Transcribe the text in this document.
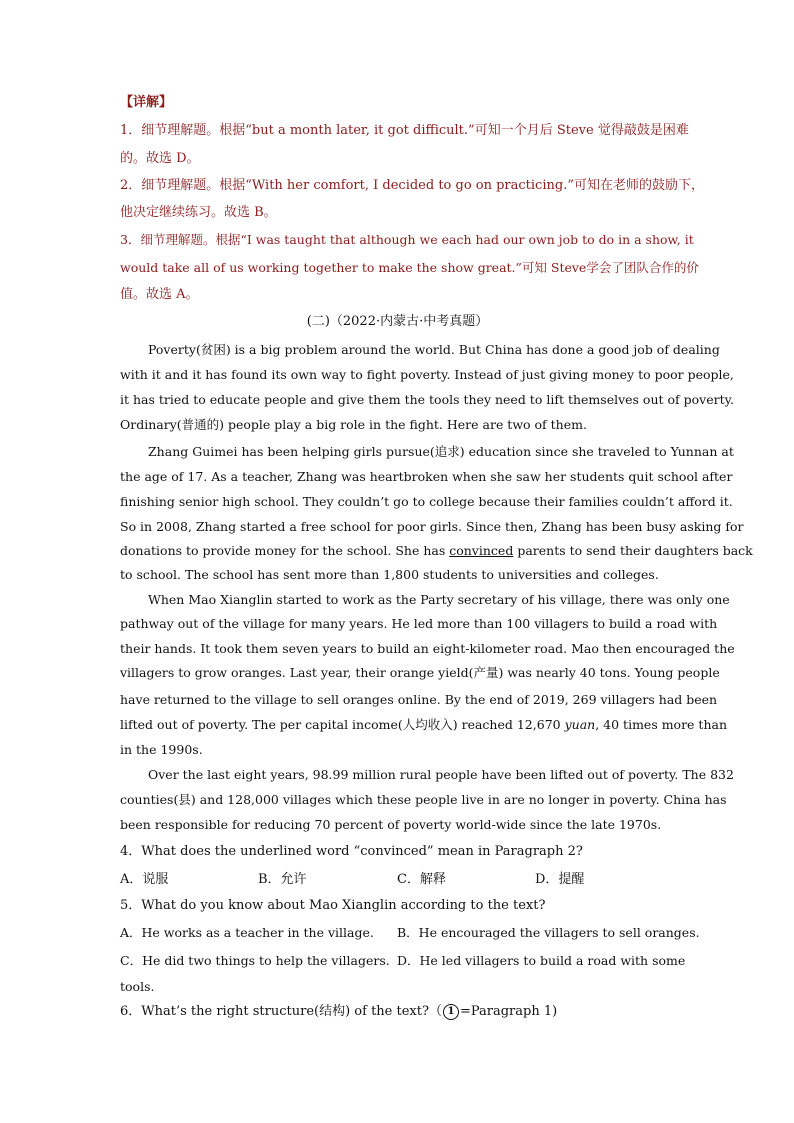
【详解】
1．细节理解题。根据“but a month later, it got difficult.”可知一个月后 Steve 觉得敲鼓是困难
的。故选 D。
2．细节理解题。根据“With her comfort, I decided to go on practicing.”可知在老师的鼓励下，
他决定继续练习。故选 B。
3．细节理解题。根据“I was taught that although we each had our own job to do in a show, it
would take all of us working together to make the show great.”可知 Steve学会了团队合作的价
值。故选 A。
(二)（2022·内蒙古·中考真题）
Poverty(贫困) is a big problem around the world. But China has done a good job of dealing
with it and it has found its own way to fight poverty. Instead of just giving money to poor people,
it has tried to educate people and give them the tools they need to lift themselves out of poverty.
Ordinary(普通的) people play a big role in the fight. Here are two of them.
Zhang Guimei has been helping girls pursue(追求) education since she traveled to Yunnan at
the age of 17. As a teacher, Zhang was heartbroken when she saw her students quit school after
finishing senior high school. They couldn’t go to college because their families couldn’t afford it.
So in 2008, Zhang started a free school for poor girls. Since then, Zhang has been busy asking for
donations to provide money for the school. She has convinced parents to send their daughters back
to school. The school has sent more than 1,800 students to universities and colleges.
When Mao Xianglin started to work as the Party secretary of his village, there was only one
pathway out of the village for many years. He led more than 100 villagers to build a road with
their hands. It took them seven years to build an eight-kilometer road. Mao then encouraged the
villagers to grow oranges. Last year, their orange yield(产量) was nearly 40 tons. Young people
have returned to the village to sell oranges online. By the end of 2019, 269 villagers had been
lifted out of poverty. The per capital income(人均收入) reached 12,670 yuan, 40 times more than
in the 1990s.
Over the last eight years, 98.99 million rural people have been lifted out of poverty. The 832
counties(县) and 128,000 villages which these people live in are no longer in poverty. China has
been responsible for reducing 70 percent of poverty world-wide since the late 1970s.
4．What does the underlined word “convinced” mean in Paragraph 2?
A．说服	B．允许	C．解释	D．提醒
5．What do you know about Mao Xianglin according to the text?
A．He works as a teacher in the village. B．He encouraged the villagers to sell oranges.
C．He did two things to help the villagers. D．He led villagers to build a road with some
tools.
6．What’s the right structure(结构) of the text?（ 1 =Paragraph 1)
